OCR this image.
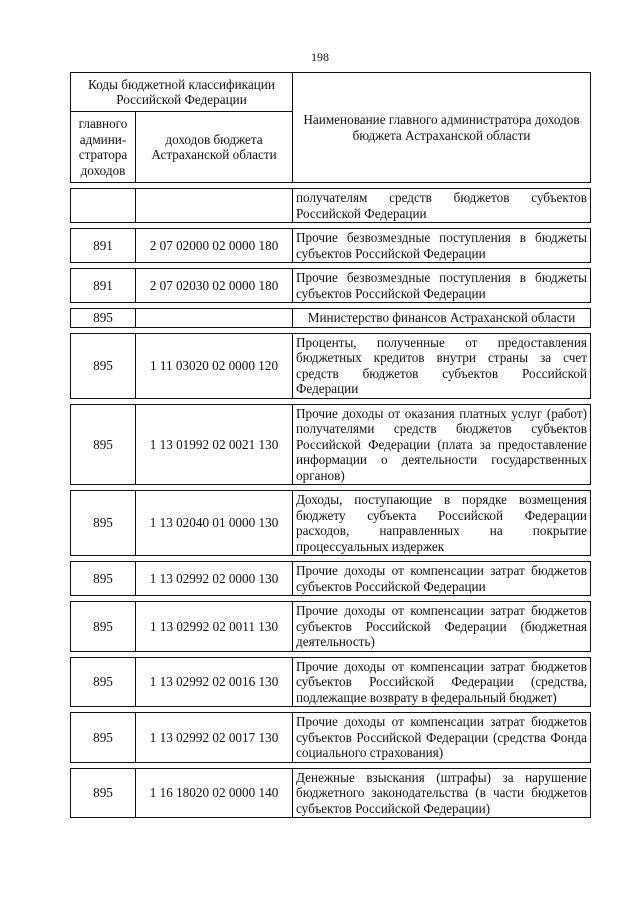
198
Коды бюджетной классификации Российской Федерации		Наименование главного администратора доходов бюджета Астраханской области
главного админи-стратора доходов	доходов бюджета Астраханской области	

		получателям средств бюджетов субъектов Российской Федерации

891	2 07 02000 02 0000 180	Прочие безвозмездные поступления в бюджеты субъектов Российской Федерации

891	2 07 02030 02 0000 180	Прочие безвозмездные поступления в бюджеты субъектов Российской Федерации

895		Министерство финансов Астраханской области

895	1 11 03020 02 0000 120	Проценты, полученные от предоставления бюджетных кредитов внутри страны за счет средств бюджетов субъектов Российской Федерации

895	1 13 01992 02 0021 130	Прочие доходы от оказания платных услуг (работ) получателями средств бюджетов субъектов Российской Федерации (плата за предоставление информации о деятельности государственных органов)

895	1 13 02040 01 0000 130	Доходы, поступающие в порядке возмещения бюджету субъекта Российской Федерации расходов, направленных на покрытие процессуальных издержек

895	1 13 02992 02 0000 130	Прочие доходы от компенсации затрат бюджетов субъектов Российской Федерации

895	1 13 02992 02 0011 130	Прочие доходы от компенсации затрат бюджетов субъектов Российской Федерации (бюджетная деятельность)

895	1 13 02992 02 0016 130	Прочие доходы от компенсации затрат бюджетов субъектов Российской Федерации (средства, подлежащие возврату в федеральный бюджет)

895	1 13 02992 02 0017 130	Прочие доходы от компенсации затрат бюджетов субъектов Российской Федерации (средства Фонда социального страхования)

895	1 16 18020 02 0000 140	Денежные взыскания (штрафы) за нарушение бюджетного законодательства (в части бюджетов субъектов Российской Федерации)
